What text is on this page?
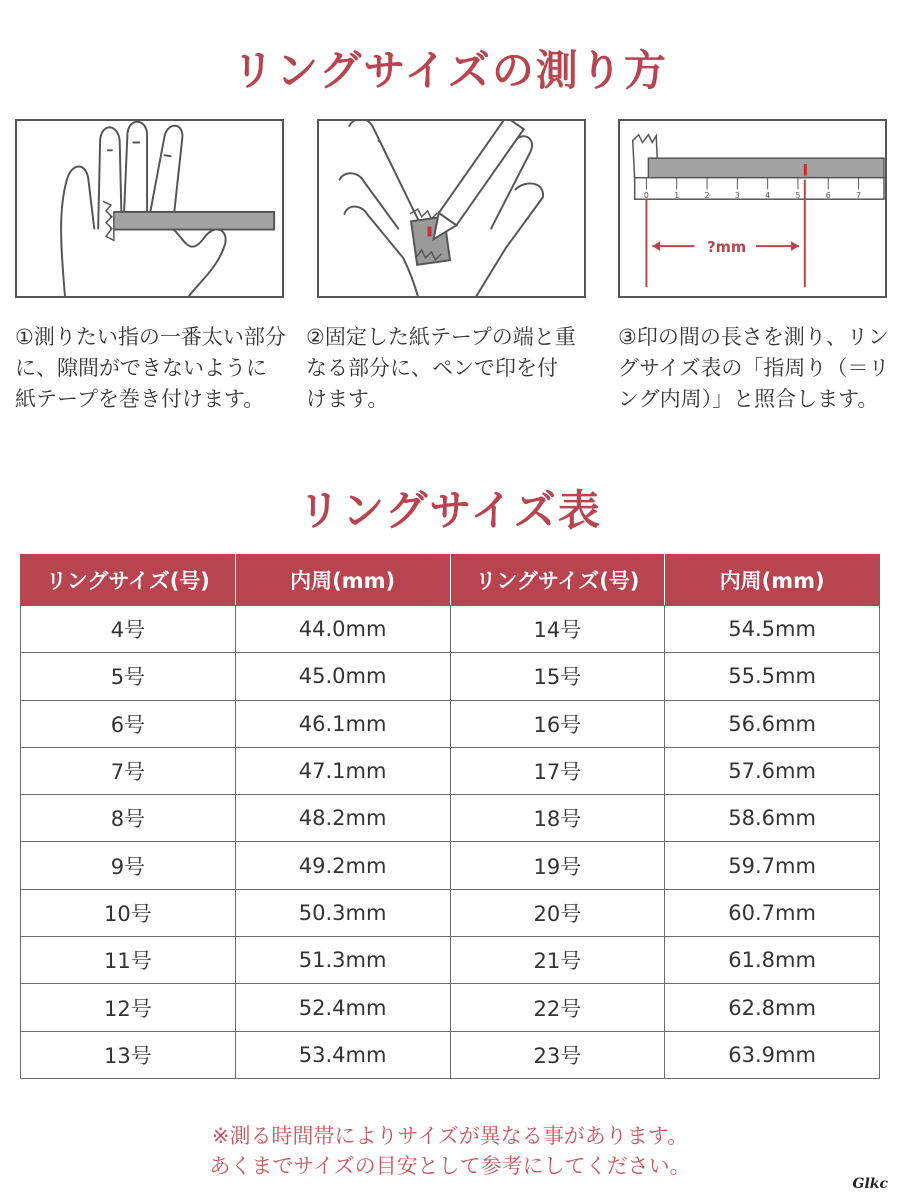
リングサイズの測り方
0	1	2	3	4	5	6	7
?mm

①測りたい指の一番太い部分に、隙間ができないように紙テープを巻き付けます。

②固定した紙テープの端と重なる部分に、ペンで印を付けます。

③印の間の長さを測り、リングサイズ表の「指周り（＝リング内周）」と照合します。

リングサイズ表
リングサイズ(号)	内周(mm)	リングサイズ(号)	内周(mm)
4号	44.0mm	14号	54.5mm
5号	45.0mm	15号	55.5mm
6号	46.1mm	16号	56.6mm
7号	47.1mm	17号	57.6mm
8号	48.2mm	18号	58.6mm
9号	49.2mm	19号	59.7mm
10号	50.3mm	20号	60.7mm
11号	51.3mm	21号	61.8mm
12号	52.4mm	22号	62.8mm
13号	53.4mm	23号	63.9mm

※測る時間帯によりサイズが異なる事があります。

あくまでサイズの目安として参考にしてください。

Glkc
